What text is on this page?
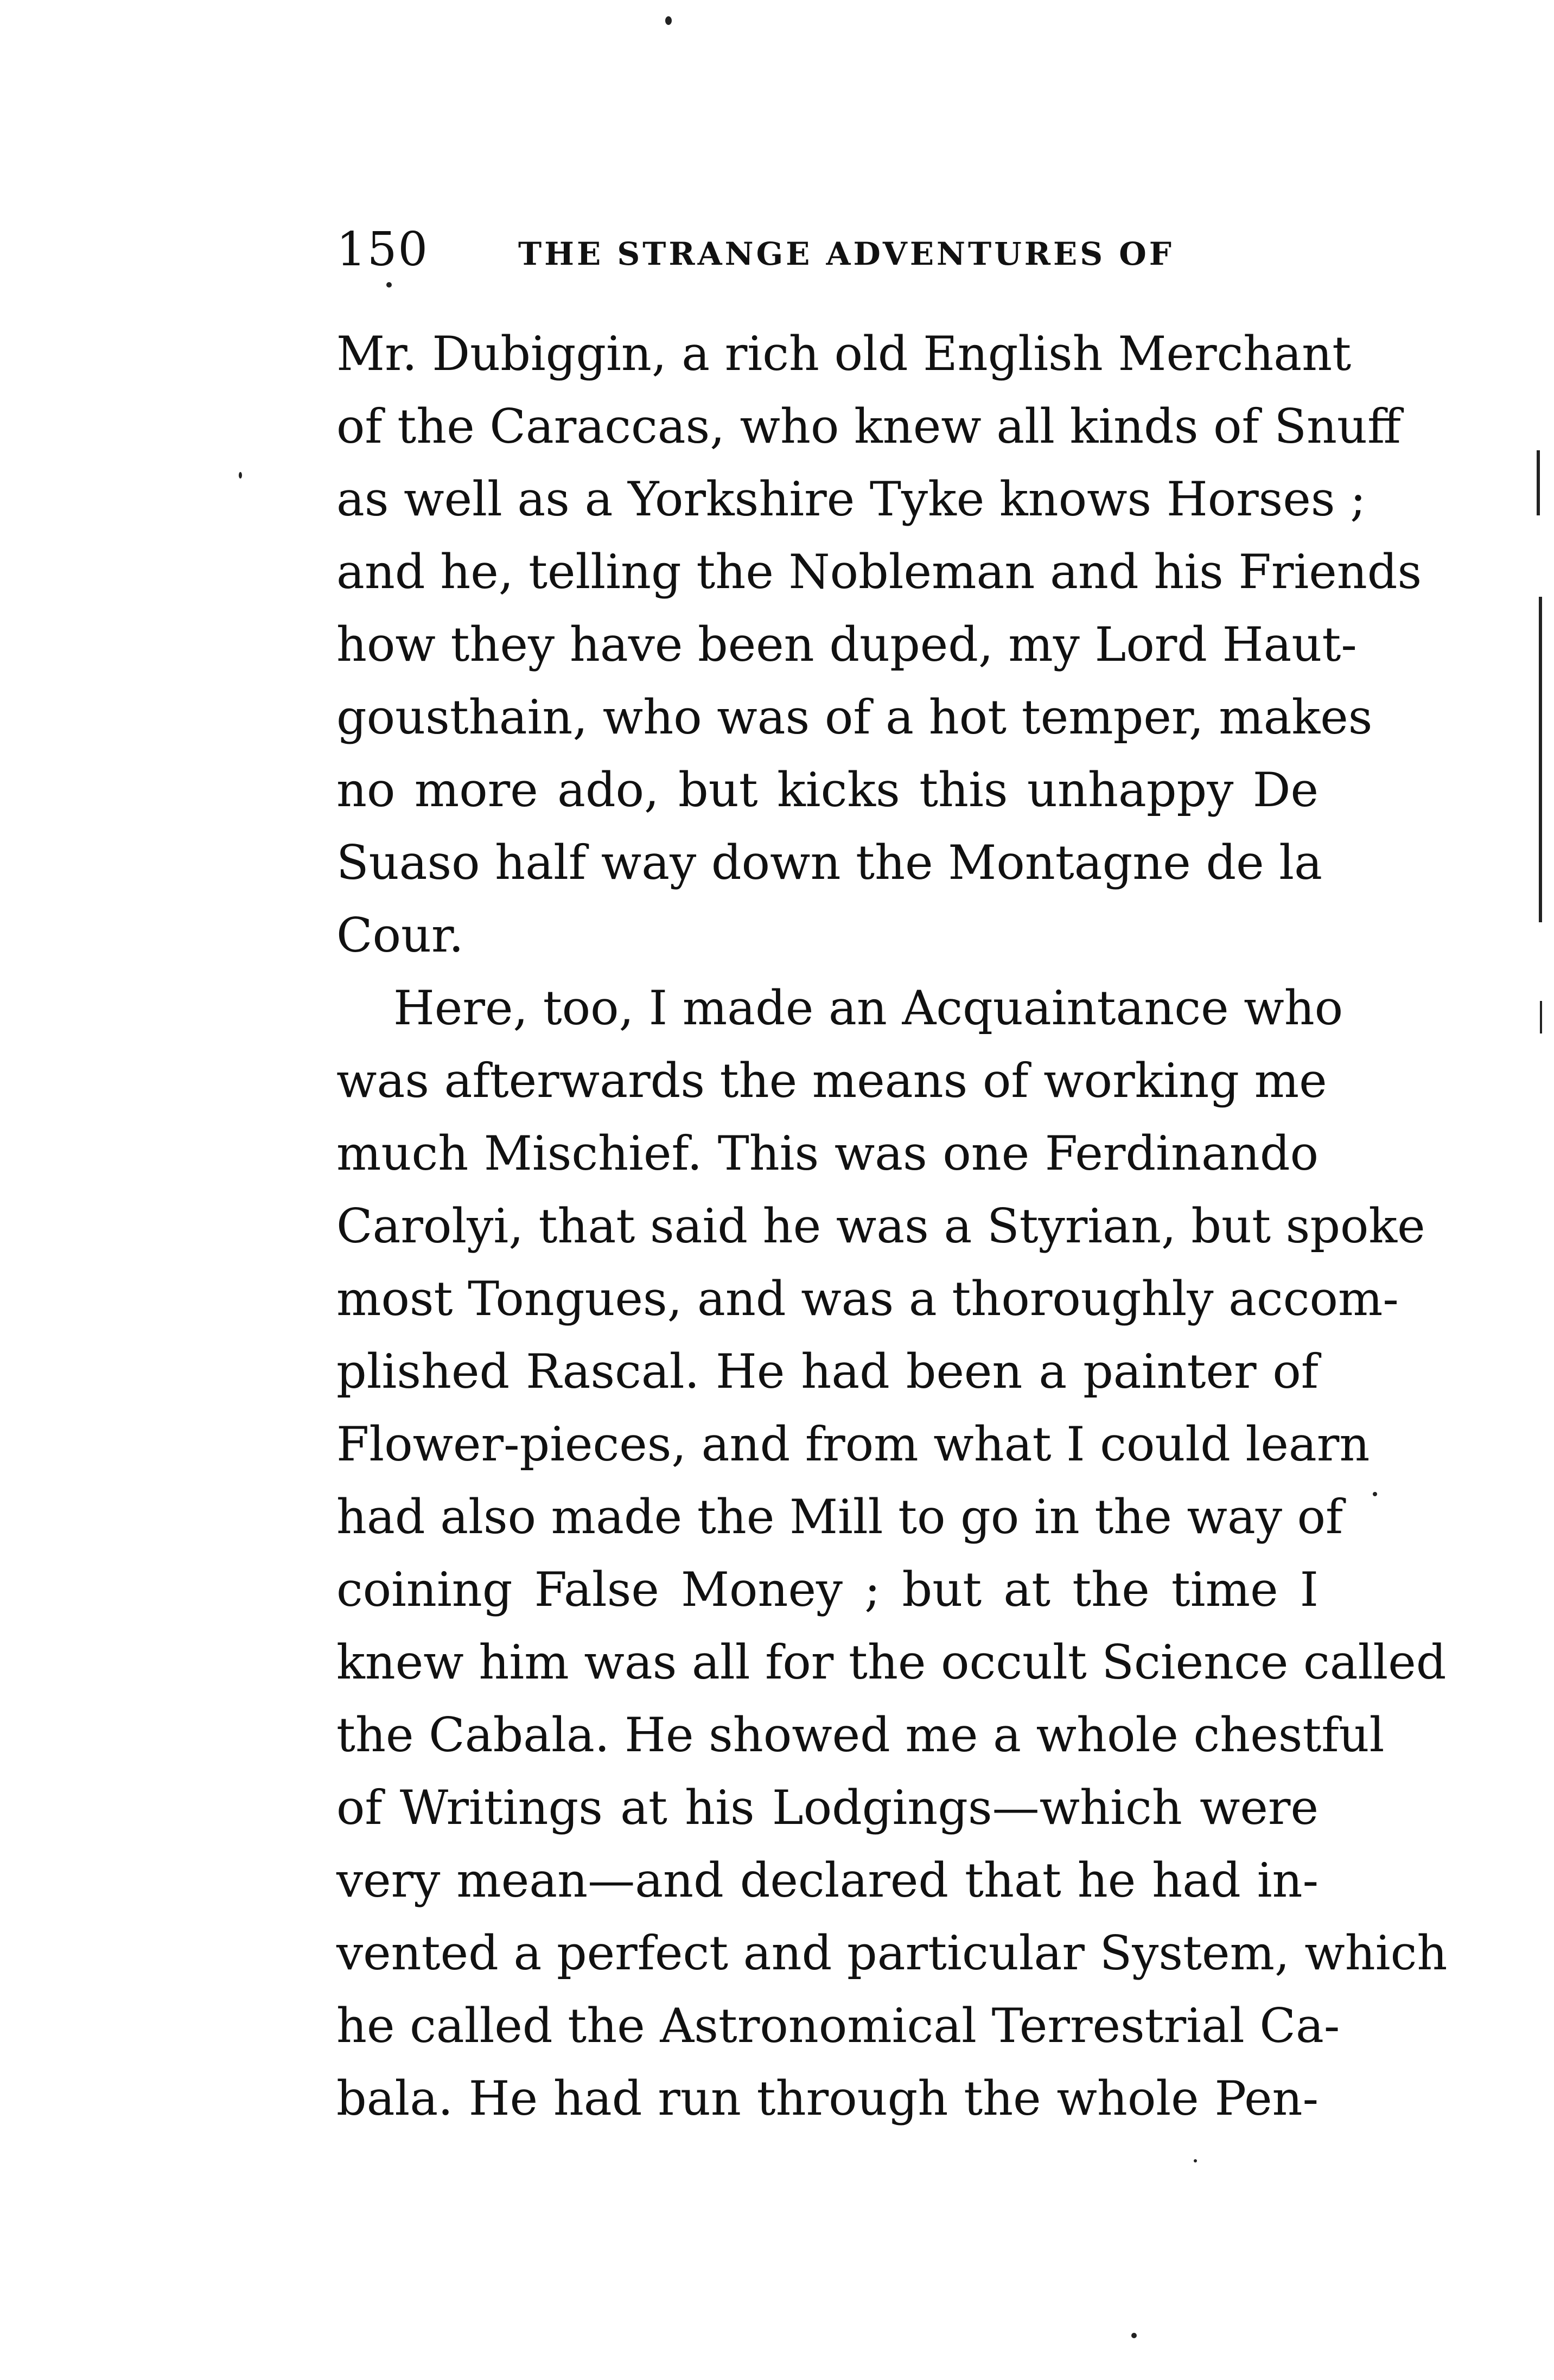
150	THE STRANGE ADVENTURES OF
Mr. Dubiggin, a rich old English Merchant
of the Caraccas, who knew all kinds of Snuff
as well as a Yorkshire Tyke knows Horses ;
and he, telling the Nobleman and his Friends
how they have been duped, my Lord Haut-
gousthain, who was of a hot temper, makes
no more ado, but kicks this unhappy De
Suaso half way down the Montagne de la
Cour.
Here, too, I made an Acquaintance who
was afterwards the means of working me
much Mischief. This was one Ferdinando
Carolyi, that said he was a Styrian, but spoke
most Tongues, and was a thoroughly accom-
plished Rascal. He had been a painter of
Flower-pieces, and from what I could learn
had also made the Mill to go in the way of
coining False Money ; but at the time I
knew him was all for the occult Science called
the Cabala. He showed me a whole chestful
of Writings at his Lodgings—which were
very mean—and declared that he had in-
vented a perfect and particular System, which
he called the Astronomical Terrestrial Ca-
bala. He had run through the whole Pen-
